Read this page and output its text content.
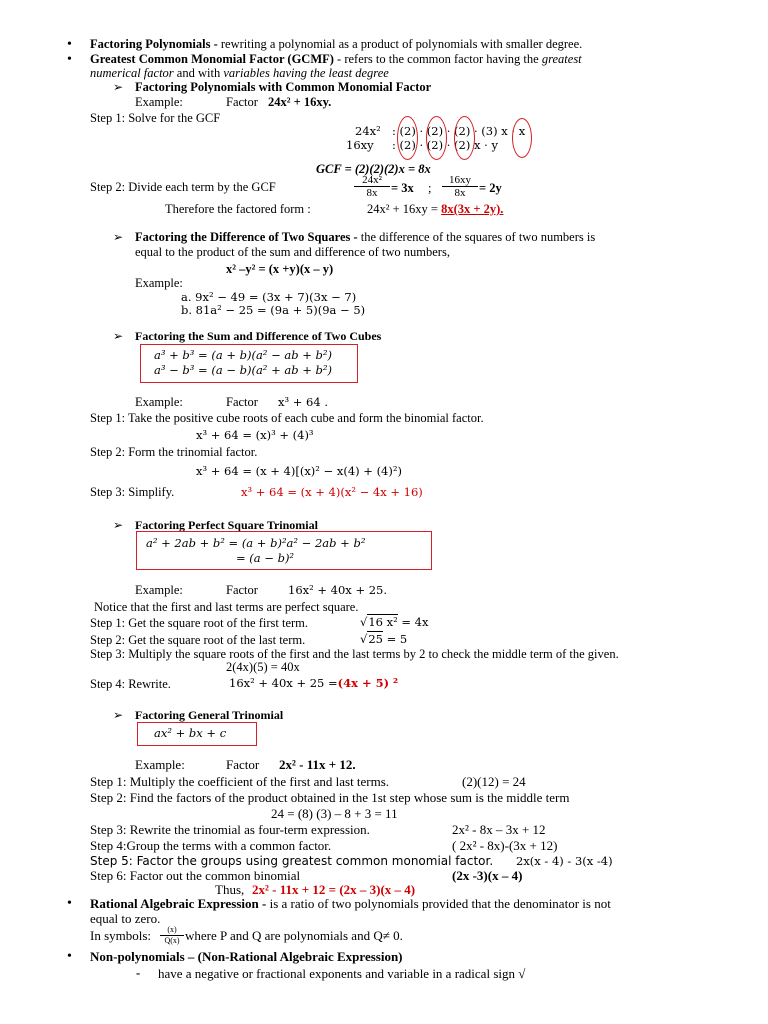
• Factoring Polynomials - rewriting a polynomial as a product of polynomials with smaller degree.
• Greatest Common Monomial Factor (GCMF) - refers to the common factor having the greatest
numerical factor and with variables having the least degree
➢ Factoring Polynomials with Common Monomial Factor
Example:	Factor 24x² + 16xy.
Step 1: Solve for the GCF
24x² : (2) · (2) · (2) · (3) x · x
16xy : (2) · (2) · (2) x · y
GCF = (2)(2)(2)x = 8x
Step 2: Divide each term by the GCF	$\frac{\text{24x²}}{8x} = 3x$ ; $\frac{16xy}{8x} = 2y$
Therefore the factored form :	24x² + 16xy = 8x(3x + 2y).
➢ Factoring the Difference of Two Squares - the difference of the squares of two numbers is
equal to the product of the sum and difference of two numbers,
x² –y² = (x +y)(x – y)
Example:
a. 9x² − 49 = (3x + 7)(3x − 7)
b. 81a² − 25 = (9a + 5)(9a − 5)
➢ Factoring the Sum and Difference of Two Cubes
a³ + b³ = (a + b)(a² − ab + b²)
a³ − b³ = (a − b)(a² + ab + b²)
Example:	Factor x³ + 64 .
Step 1: Take the positive cube roots of each cube and form the binomial factor.
x³ + 64 = (x)³ + (4)³
Step 2: Form the trinomial factor.
x³ + 64 = (x + 4)[(x)² − x(4) + (4)²)
Step 3: Simplify.	x³ + 64 = (x + 4)(x² − 4x + 16)
➢ Factoring Perfect Square Trinomial
a² + 2ab + b² = (a + b)²a² − 2ab + b²
= (a − b)²
Example:	Factor	16x² + 40x + 25.
Notice that the first and last terms are perfect square.
Step 1: Get the square root of the first term.	√16 x² = 4x
Step 2: Get the square root of the last term.	√25 = 5
Step 3: Multiply the square roots of the first and the last terms by 2 to check the middle term of the given.
2(4x)(5) = 40x
Step 4: Rewrite.	16x² + 40x + 25 =(4x + 5) ²
➢ Factoring General Trinomial
ax² + bx + c
Example:	Factor 2x² - 11x + 12.
Step 1: Multiply the coefficient of the first and last terms.	(2)(12) = 24
Step 2: Find the factors of the product obtained in the 1st step whose sum is the middle term
24 = (8) (3) – 8 + 3 = 11
Step 3: Rewrite the trinomial as four-term expression.	2x² - 8x – 3x + 12
Step 4:Group the terms with a common factor.	( 2x² - 8x)-(3x + 12)
Step 5: Factor the groups using greatest common monomial factor. 2x(x - 4) - 3(x -4)
Step 6: Factor out the common binomial	(2x -3)(x – 4)
Thus, 2x² - 11x + 12 = (2x – 3)(x – 4)
• Rational Algebraic Expression - is a ratio of two polynomials provided that the denominator is not
equal to zero.
In symbols: $\frac{(x)}{Q(x)}$ where P and Q are polynomials and Q≠ 0.
• Non-polynomials – (Non-Rational Algebraic Expression)
- have a negative or fractional exponents and variable in a radical sign √
